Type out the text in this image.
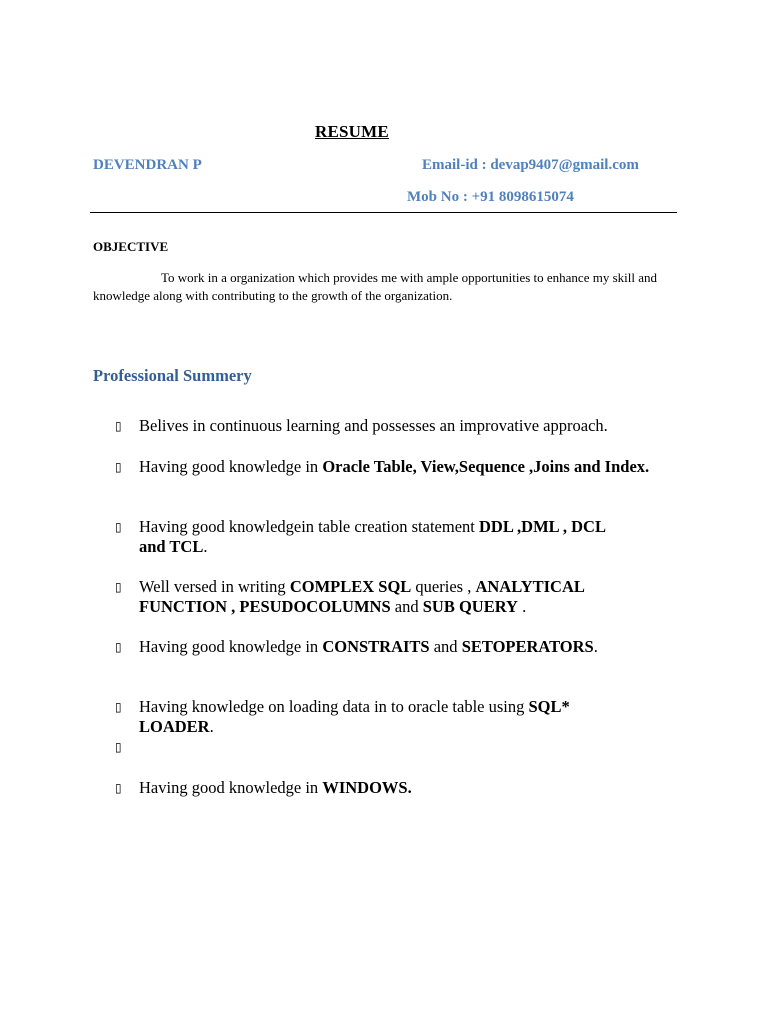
RESUME
DEVENDRAN P	Email-id : devap9407@gmail.com
Mob No : +91 8098615074
OBJECTIVE
To work in a organization which provides me with ample opportunities to enhance my skill and knowledge along with contributing to the growth of the organization.
Professional Summery
▯ Belives in continuous learning and possesses an improvative approach.
▯ Having good knowledge in Oracle Table, View,Sequence ,Joins and Index.
▯ Having good knowledgein table creation statement DDL ,DML , DCL and TCL.
▯ Well versed in writing COMPLEX SQL queries , ANALYTICAL FUNCTION , PESUDOCOLUMNS and SUB QUERY .
▯ Having good knowledge in CONSTRAITS and SETOPERATORS.
▯ Having knowledge on loading data in to oracle table using SQL* LOADER.
▯
▯ Having good knowledge in WINDOWS.
